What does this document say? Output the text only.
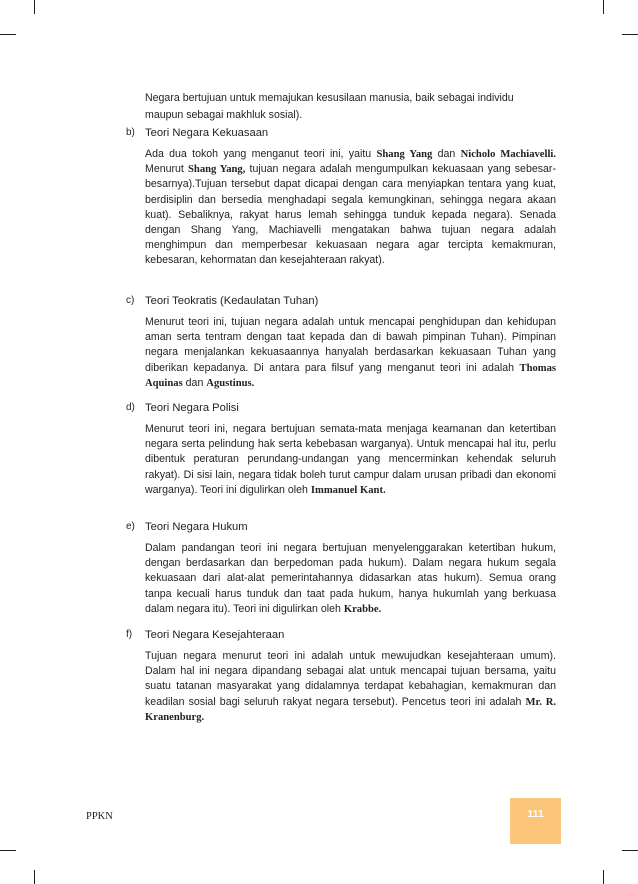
Negara bertujuan untuk memajukan kesusilaan manusia, baik sebagai individu maupun sebagai makhluk sosial).
b) Teori Negara Kekuasaan
Ada dua tokoh yang menganut teori ini, yaitu Shang Yang dan Nicholo Machiavelli. Menurut Shang Yang, tujuan negara adalah mengumpulkan kekuasaan yang sebesar-besarnya).Tujuan tersebut dapat dicapai dengan cara menyiapkan tentara yang kuat, berdisiplin dan bersedia menghadapi segala kemungkinan, sehingga negara akaan kuat). Sebaliknya, rakyat harus lemah sehingga tunduk kepada negara). Senada dengan Shang Yang, Machiavelli mengatakan bahwa tujuan negara adalah menghimpun dan memperbesar kekuasaan negara agar tercipta kemakmuran, kebesaran, kehormatan dan kesejahteraan rakyat).
c) Teori Teokratis (Kedaulatan Tuhan)
Menurut teori ini, tujuan negara adalah untuk mencapai penghidupan dan kehidupan aman serta tentram dengan taat kepada dan di bawah pimpinan Tuhan). Pimpinan negara menjalankan kekuasaannya hanyalah berdasarkan kekuasaan Tuhan yang diberikan kepadanya. Di antara para filsuf yang menganut teori ini adalah Thomas Aquinas dan Agustinus.
d) Teori Negara Polisi
Menurut teori ini, negara bertujuan semata-mata menjaga keamanan dan ketertiban negara serta pelindung hak serta kebebasan warganya). Untuk mencapai hal itu, perlu dibentuk peraturan perundang-undangan yang mencerminkan kehendak seluruh rakyat). Di sisi lain, negara tidak boleh turut campur dalam urusan pribadi dan ekonomi warganya). Teori ini digulirkan oleh Immanuel Kant.
e) Teori Negara Hukum
Dalam pandangan teori ini negara bertujuan menyelenggarakan ketertiban hukum, dengan berdasarkan dan berpedoman pada hukum). Dalam negara hukum segala kekuasaan dari alat-alat pemerintahannya didasarkan atas hukum). Semua orang tanpa kecuali harus tunduk dan taat pada hukum, hanya hukumlah yang berkuasa dalam negara itu). Teori ini digulirkan oleh Krabbe.
f)	Teori Negara Kesejahteraan
Tujuan negara menurut teori ini adalah untuk mewujudkan kesejahteraan umum). Dalam hal ini negara dipandang sebagai alat untuk mencapai tujuan bersama, yaitu suatu tatanan masyarakat yang didalamnya terdapat kebahagian, kemakmuran dan keadilan sosial bagi seluruh rakyat negara tersebut). Pencetus teori ini adalah Mr. R. Kranenburg.
PPKN	111
